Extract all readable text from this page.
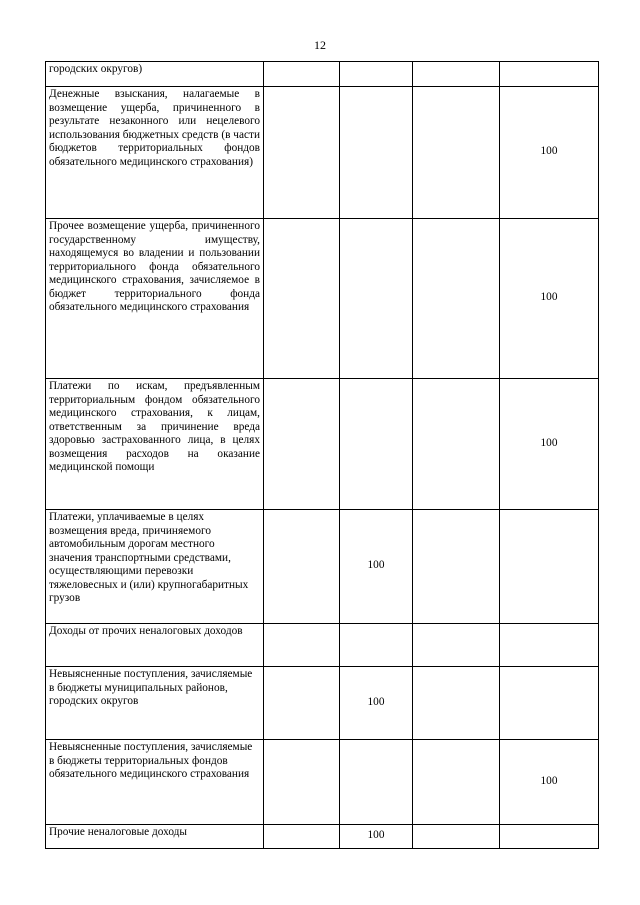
12
городских округов)				
Денежные взыскания, налагаемые в возмещение ущерба, причиненного в результате незаконного или нецелевого использования бюджетных средств (в части бюджетов территориальных фондов обязательного медицинского страхования)				100
Прочее возмещение ущерба, причиненного государственному имуществу, находящемуся во владении и пользовании территориального фонда обязательного медицинского страхования, зачисляемое в бюджет территориального фонда обязательного медицинского страхования				100
Платежи по искам, предъявленным территориальным фондом обязательного медицинского страхования, к лицам, ответственным за причинение вреда здоровью застрахованного лица, в целях возмещения расходов на оказание медицинской помощи				100
Платежи, уплачиваемые в целях возмещения вреда, причиняемого автомобильным дорогам местного значения транспортными средствами, осуществляющими перевозки тяжеловесных и (или) крупногабаритных грузов		100		
Доходы от прочих неналоговых доходов				
Невыясненные поступления, зачисляемые в бюджеты муниципальных районов, городских округов		100		
Невыясненные поступления, зачисляемые в бюджеты территориальных фондов обязательного медицинского страхования				100
Прочие неналоговые доходы		100		
